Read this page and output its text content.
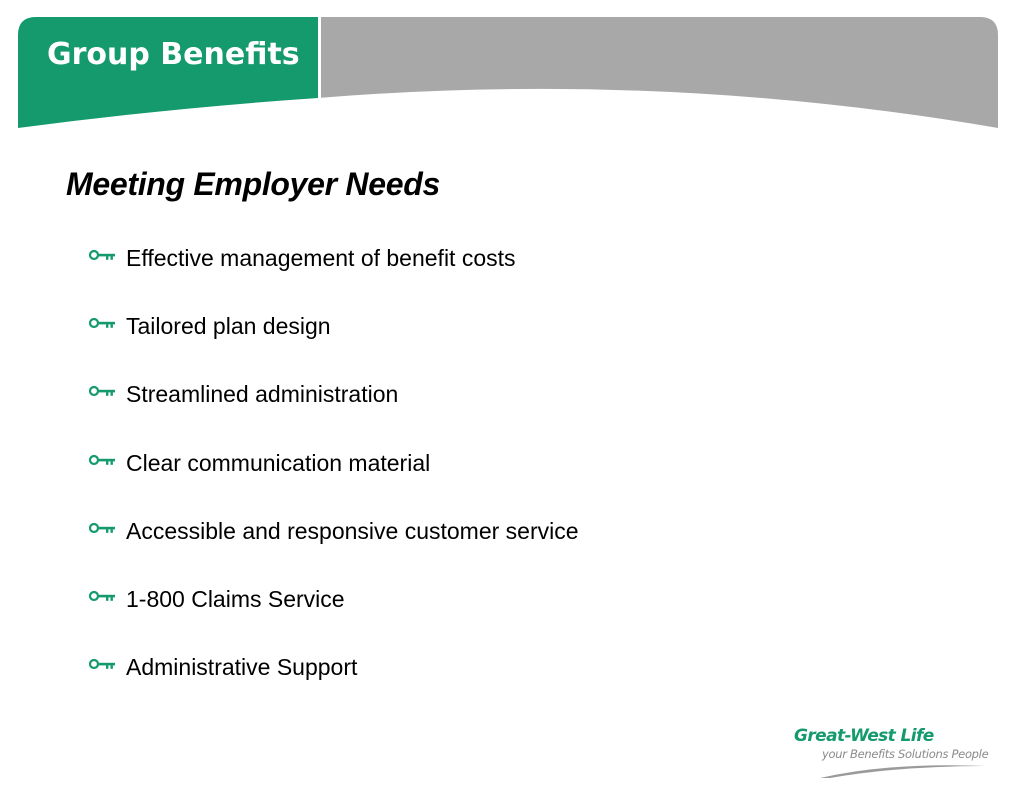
Group Benefits
Meeting Employer Needs
Effective management of benefit costs
Tailored plan design
Streamlined administration
Clear communication material
Accessible and responsive customer service
1-800 Claims Service
Administrative Support
Great-West Life
your Benefits Solutions People
